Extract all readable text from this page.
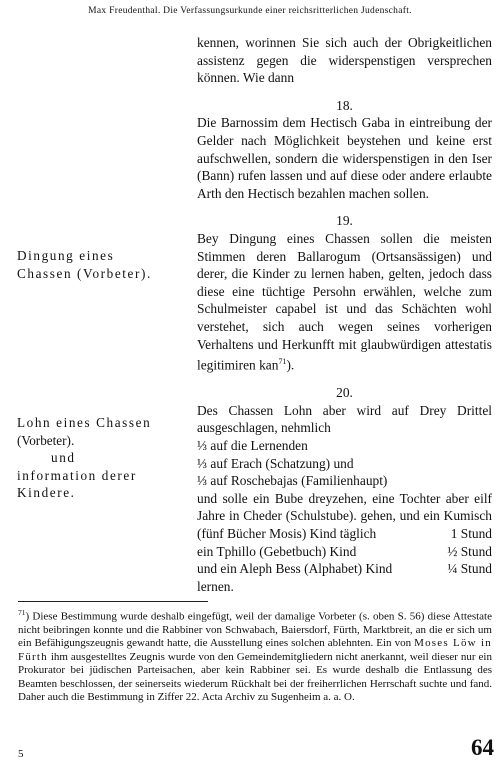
Max Freudenthal. Die Verfassungsurkunde einer reichsritterlichen Judenschaft.

kennen, worinnen Sie sich auch der Obrigkeitlichen assistenz gegen die widerspenstigen versprechen können. Wie dann

18.

Die Barnossim dem Hectisch Gaba in eintreibung der Gelder nach Möglichkeit beystehen und keine erst aufschwellen, sondern die widerspenstigen in den Iser (Bann) rufen lassen und auf diese oder andere erlaubte Arth den Hectisch bezahlen machen sollen.

19.

Bey Dingung eines Chassen sollen die meisten Stimmen deren Ballarogum (Ortsansässigen) und derer, die Kinder zu lernen haben, gelten, jedoch dass diese eine tüchtige Persohn erwählen, welche zum Schulmeister capabel ist und das Schächten wohl verstehet, sich auch wegen seines vorherigen Verhaltens und Herkunfft mit glaubwürdigen attestatis legitimiren kan$^{71}$).

20.

Des Chassen Lohn aber wird auf Drey Drittel ausgeschlagen, nehmlich

⅓ auf die Lernenden

⅓ auf Erach (Schatzung) und

⅓ auf Roschebajas (Familienhaupt)

und solle ein Bube dreyzehen, eine Tochter aber eilf Jahre in Cheder (Schulstube). gehen, und ein Kumisch (fünf Bücher Mosis) Kind täglich	1 Stund

ein Tphillo (Gebetbuch) Kind	½ Stund
und ein Aleph Bess (Alphabet) Kind	¼ Stund

lernen.

Dingung eines
Chassen (Vorbeter).
Lohn eines Chassen
(Vorbeter).
und
information derer
Kindere.
$^{71}$) Diese Bestimmung wurde deshalb eingefügt, weil der damalige Vorbeter (s. oben S. 56) diese Attestate nicht beibringen konnte und die Rabbiner von Schwabach, Baiersdorf, Fürth, Marktbreit, an die er sich um ein Befähigungszeugnis gewandt hatte, die Ausstellung eines solchen ablehnten. Ein von Moses Löw in Fürth ihm ausgestelltes Zeugnis wurde von den Gemeindemitgliedern nicht anerkannt, weil dieser nur ein Prokurator bei jüdischen Parteisachen, aber kein Rabbiner sei. Es wurde deshalb die Entlassung des Beamten beschlossen, der seinerseits wiederum Rückhalt bei der freiherrlichen Herrschaft suchte und fand. Daher auch die Bestimmung in Ziffer 22. Acta Archiv zu Sugenheim a. a. O.
5	64
